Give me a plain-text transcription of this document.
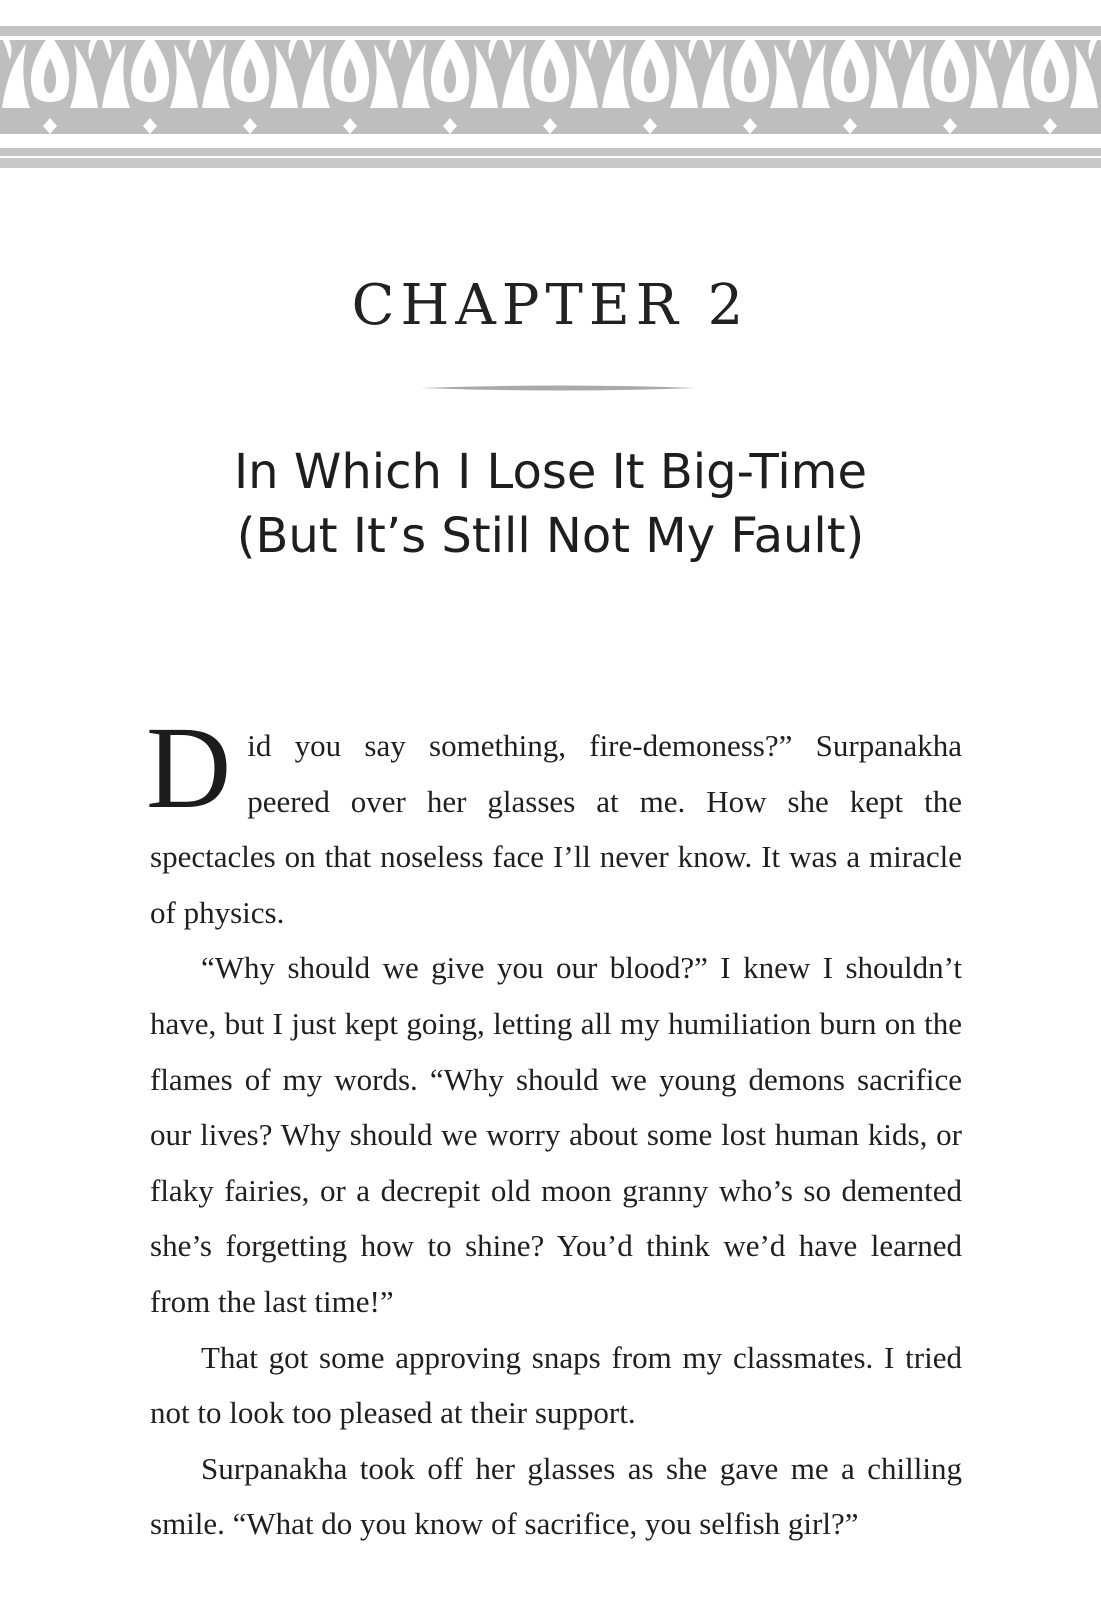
CHAPTER 2
In Which I Lose It Big-Time
(But It’s Still Not My Fault)

Did you say something, fire-demoness?” Surpanakha peered over her glasses at me. How she kept the spectacles on that noseless face I’ll never know. It was a miracle of physics.

“Why should we give you our blood?” I knew I shouldn’t have, but I just kept going, letting all my humiliation burn on the flames of my words. “Why should we young demons sacrifice our lives? Why should we worry about some lost human kids, or flaky fairies, or a decrepit old moon granny who’s so demented she’s forgetting how to shine? You’d think we’d have learned from the last time!”

That got some approving snaps from my classmates. I tried not to look too pleased at their support.

Surpanakha took off her glasses as she gave me a chilling smile. “What do you know of sacrifice, you selfish girl?”
